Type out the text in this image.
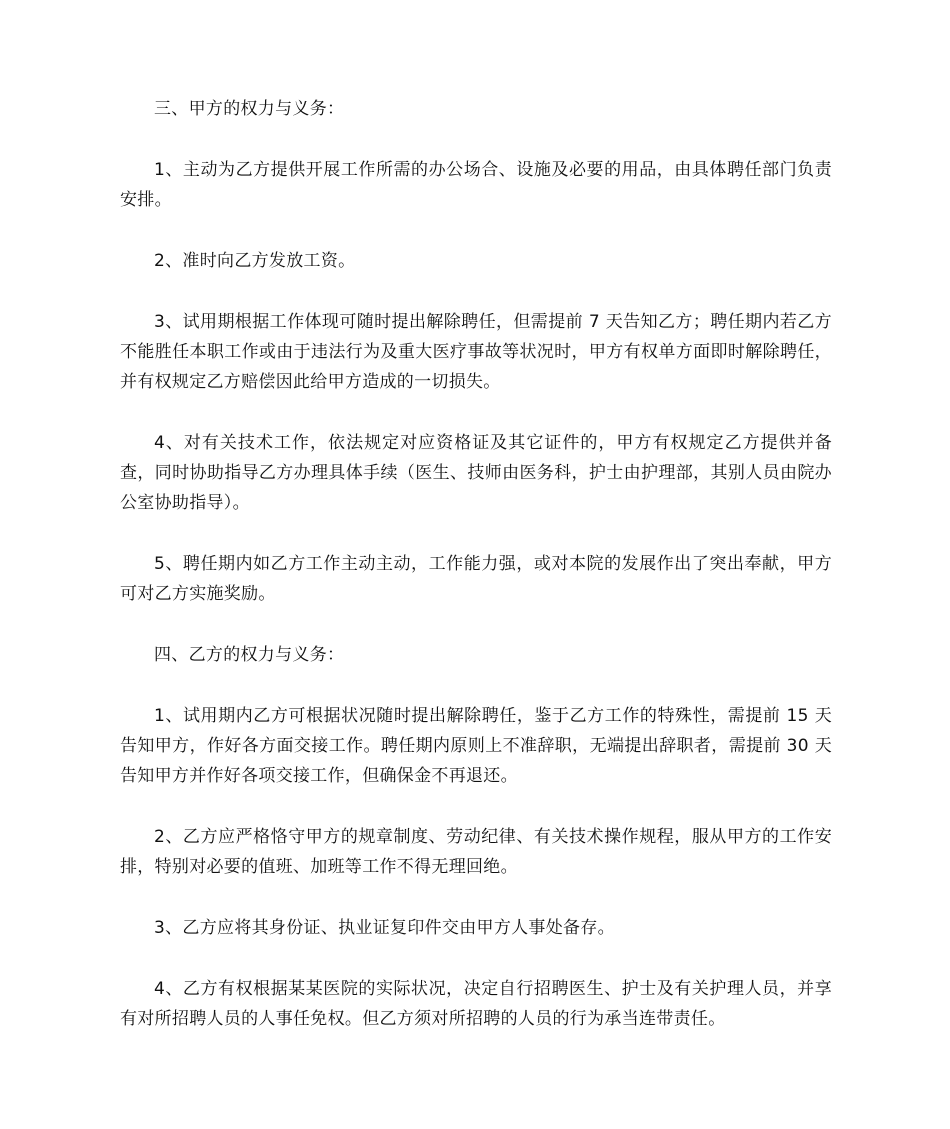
三、甲方的权力与义务：

1、主动为乙方提供开展工作所需的办公场合、设施及必要的用品，由具体聘任部门负责安排。

2、准时向乙方发放工资。

3、试用期根据工作体现可随时提出解除聘任，但需提前 7 天告知乙方；聘任期内若乙方不能胜任本职工作或由于违法行为及重大医疗事故等状况时，甲方有权单方面即时解除聘任，并有权规定乙方赔偿因此给甲方造成的一切损失。

4、对有关技术工作，依法规定对应资格证及其它证件的，甲方有权规定乙方提供并备查，同时协助指导乙方办理具体手续（医生、技师由医务科，护士由护理部，其别人员由院办公室协助指导）。

5、聘任期内如乙方工作主动主动，工作能力强，或对本院的发展作出了突出奉献，甲方可对乙方实施奖励。

四、乙方的权力与义务：

1、试用期内乙方可根据状况随时提出解除聘任，鉴于乙方工作的特殊性，需提前 15 天告知甲方，作好各方面交接工作。聘任期内原则上不准辞职，无端提出辞职者，需提前 30 天告知甲方并作好各项交接工作，但确保金不再退还。

2、乙方应严格恪守甲方的规章制度、劳动纪律、有关技术操作规程，服从甲方的工作安排，特别对必要的值班、加班等工作不得无理回绝。

3、乙方应将其身份证、执业证复印件交由甲方人事处备存。

4、乙方有权根据某某医院的实际状况，决定自行招聘医生、护士及有关护理人员，并享有对所招聘人员的人事任免权。但乙方须对所招聘的人员的行为承当连带责任。
